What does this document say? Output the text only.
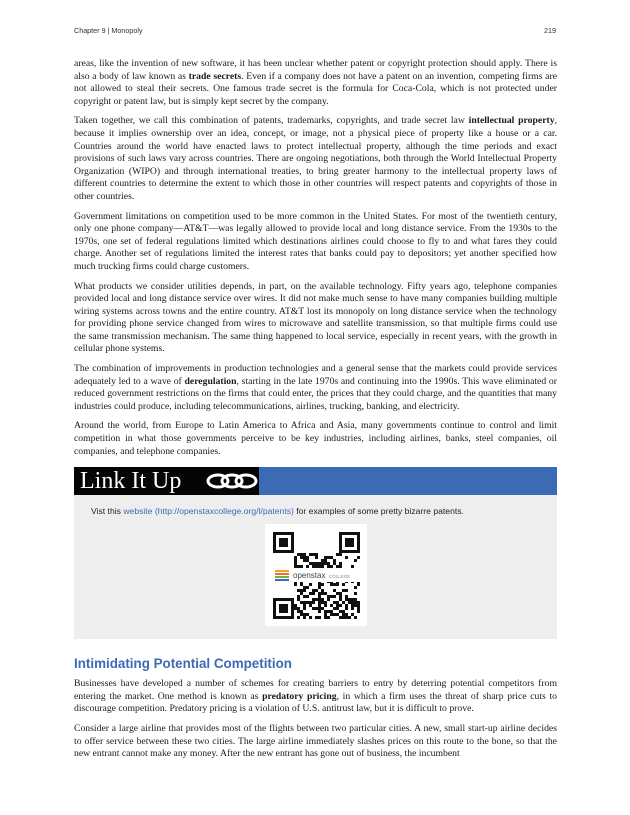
Chapter 9 | Monopoly	219

areas, like the invention of new software, it has been unclear whether patent or copyright protection should apply. There is also a body of law known as trade secrets. Even if a company does not have a patent on an invention, competing firms are not allowed to steal their secrets. One famous trade secret is the formula for Coca-Cola, which is not protected under copyright or patent law, but is simply kept secret by the company.

Taken together, we call this combination of patents, trademarks, copyrights, and trade secret law intellectual property, because it implies ownership over an idea, concept, or image, not a physical piece of property like a house or a car. Countries around the world have enacted laws to protect intellectual property, although the time periods and exact provisions of such laws vary across countries. There are ongoing negotiations, both through the World Intellectual Property Organization (WIPO) and through international treaties, to bring greater harmony to the intellectual property laws of different countries to determine the extent to which those in other countries will respect patents and copyrights of those in other countries.

Government limitations on competition used to be more common in the United States. For most of the twentieth century, only one phone company—AT&T—was legally allowed to provide local and long distance service. From the 1930s to the 1970s, one set of federal regulations limited which destinations airlines could choose to fly to and what fares they could charge. Another set of regulations limited the interest rates that banks could pay to depositors; yet another specified how much trucking firms could charge customers.

What products we consider utilities depends, in part, on the available technology. Fifty years ago, telephone companies provided local and long distance service over wires. It did not make much sense to have many companies building multiple wiring systems across towns and the entire country. AT&T lost its monopoly on long distance service when the technology for providing phone service changed from wires to microwave and satellite transmission, so that multiple firms could use the same transmission mechanism. The same thing happened to local service, especially in recent years, with the growth in cellular phone systems.

The combination of improvements in production technologies and a general sense that the markets could provide services adequately led to a wave of deregulation, starting in the late 1970s and continuing into the 1990s. This wave eliminated or reduced government restrictions on the firms that could enter, the prices that they could charge, and the quantities that many industries could produce, including telecommunications, airlines, trucking, banking, and electricity.

Around the world, from Europe to Latin America to Africa and Asia, many governments continue to control and limit competition in what those governments perceive to be key industries, including airlines, banks, steel companies, oil companies, and telephone companies.

Link It Up
Vist this website (http://openstaxcollege.org/l/patents) for examples of some pretty bizarre patents.
openstax COLLEGE
Intimidating Potential Competition

Businesses have developed a number of schemes for creating barriers to entry by deterring potential competitors from entering the market. One method is known as predatory pricing, in which a firm uses the threat of sharp price cuts to discourage competition. Predatory pricing is a violation of U.S. antitrust law, but it is difficult to prove.

Consider a large airline that provides most of the flights between two particular cities. A new, small start-up airline decides to offer service between these two cities. The large airline immediately slashes prices on this route to the bone, so that the new entrant cannot make any money. After the new entrant has gone out of business, the incumbent
